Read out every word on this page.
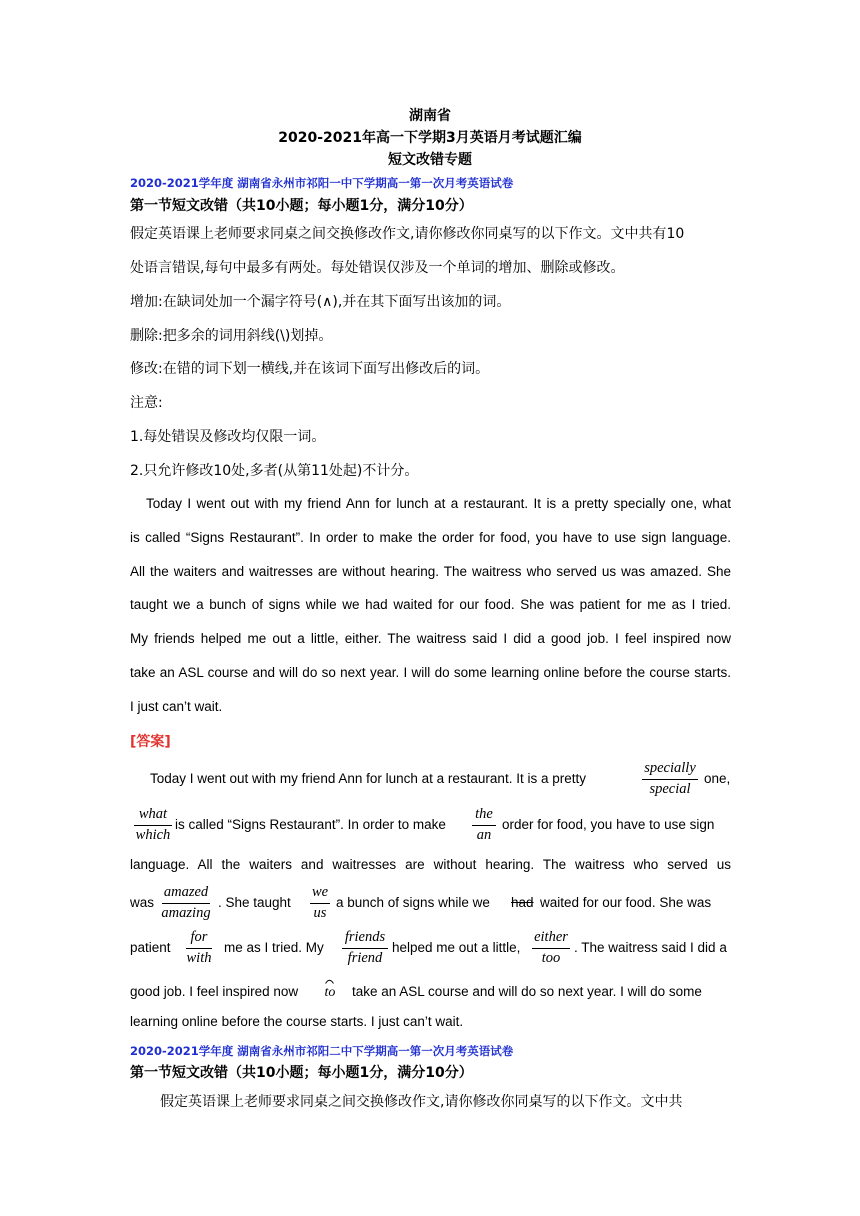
湖南省
2020-2021年高一下学期3月英语月考试题汇编
短文改错专题
2020-2021学年度 湖南省永州市祁阳一中下学期高一第一次月考英语试卷
第一节短文改错（共10小题；每小题1分，满分10分）
假定英语课上老师要求同桌之间交换修改作文,请你修改你同桌写的以下作文。文中共有10
处语言错误,每句中最多有两处。每处错误仅涉及一个单词的增加、删除或修改。
增加:在缺词处加一个漏字符号(∧),并在其下面写出该加的词。
删除:把多余的词用斜线(\)划掉。
修改:在错的词下划一横线,并在该词下面写出修改后的词。
注意:
1.每处错误及修改均仅限一词。
2.只允许修改10处,多者(从第11处起)不计分。
Today I went out with my friend Ann for lunch at a restaurant. It is a pretty specially one, what
is called “Signs Restaurant”. In order to make the order for food, you have to use sign language.
All the waiters and waitresses are without hearing. The waitress who served us was amazed. She
taught we a bunch of signs while we had waited for our food. She was patient for me as I tried.
My friends helped me out a little, either. The waitress said I did a good job. I feel inspired now
take an ASL course and will do so next year. I will do some learning online before the course starts.
I just can’t wait.
[答案]
Today I went out with my friend Ann for lunch at a restaurant. It is a pretty
specially
special
one,
what
which
is called “Signs Restaurant”. In order to make
the
an
order for food, you have to use sign
language. All the waiters and waitresses are without hearing. The waitress who served us
was
amazed
amazing
. She taught
we
us
a bunch of signs while we had waited for our food. She was
patient
for
with
me as I tried. My
friends
friend
helped me out a little,
either
too
. The waitress said I did a
good job. I feel inspired now	to	take an ASL course and will do so next year. I will do some
learning online before the course starts. I just can’t wait.
2020-2021学年度 湖南省永州市祁阳二中下学期高一第一次月考英语试卷
第一节短文改错（共10小题；每小题1分，满分10分）
假定英语课上老师要求同桌之间交换修改作文,请你修改你同桌写的以下作文。文中共
